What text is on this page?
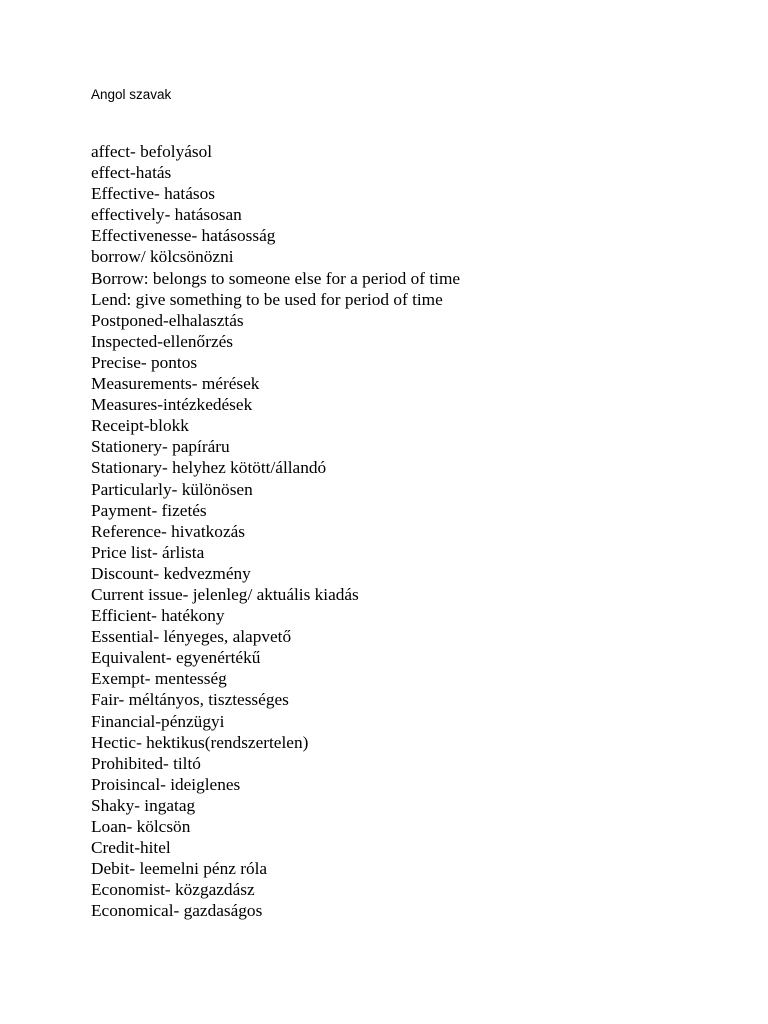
Angol szavak
affect- befolyásol
effect-hatás
Effective- hatásos
effectively- hatásosan
Effectivenesse- hatásosság
borrow/ kölcsönözni
Borrow: belongs to someone else for a period of time
Lend: give something to be used for period of time
Postponed-elhalasztás
Inspected-ellenőrzés
Precise- pontos
Measurements- mérések
Measures-intézkedések
Receipt-blokk
Stationery- papíráru
Stationary- helyhez kötött/állandó
Particularly- különösen
Payment- fizetés
Reference- hivatkozás
Price list- árlista
Discount- kedvezmény
Current issue- jelenleg/ aktuális kiadás
Efficient- hatékony
Essential- lényeges, alapvető
Equivalent- egyenértékű
Exempt- mentesség
Fair- méltányos, tisztességes
Financial-pénzügyi
Hectic- hektikus(rendszertelen)
Prohibited- tiltó
Proisincal- ideiglenes
Shaky- ingatag
Loan- kölcsön
Credit-hitel
Debit- leemelni pénz róla
Economist- közgazdász
Economical- gazdaságos
